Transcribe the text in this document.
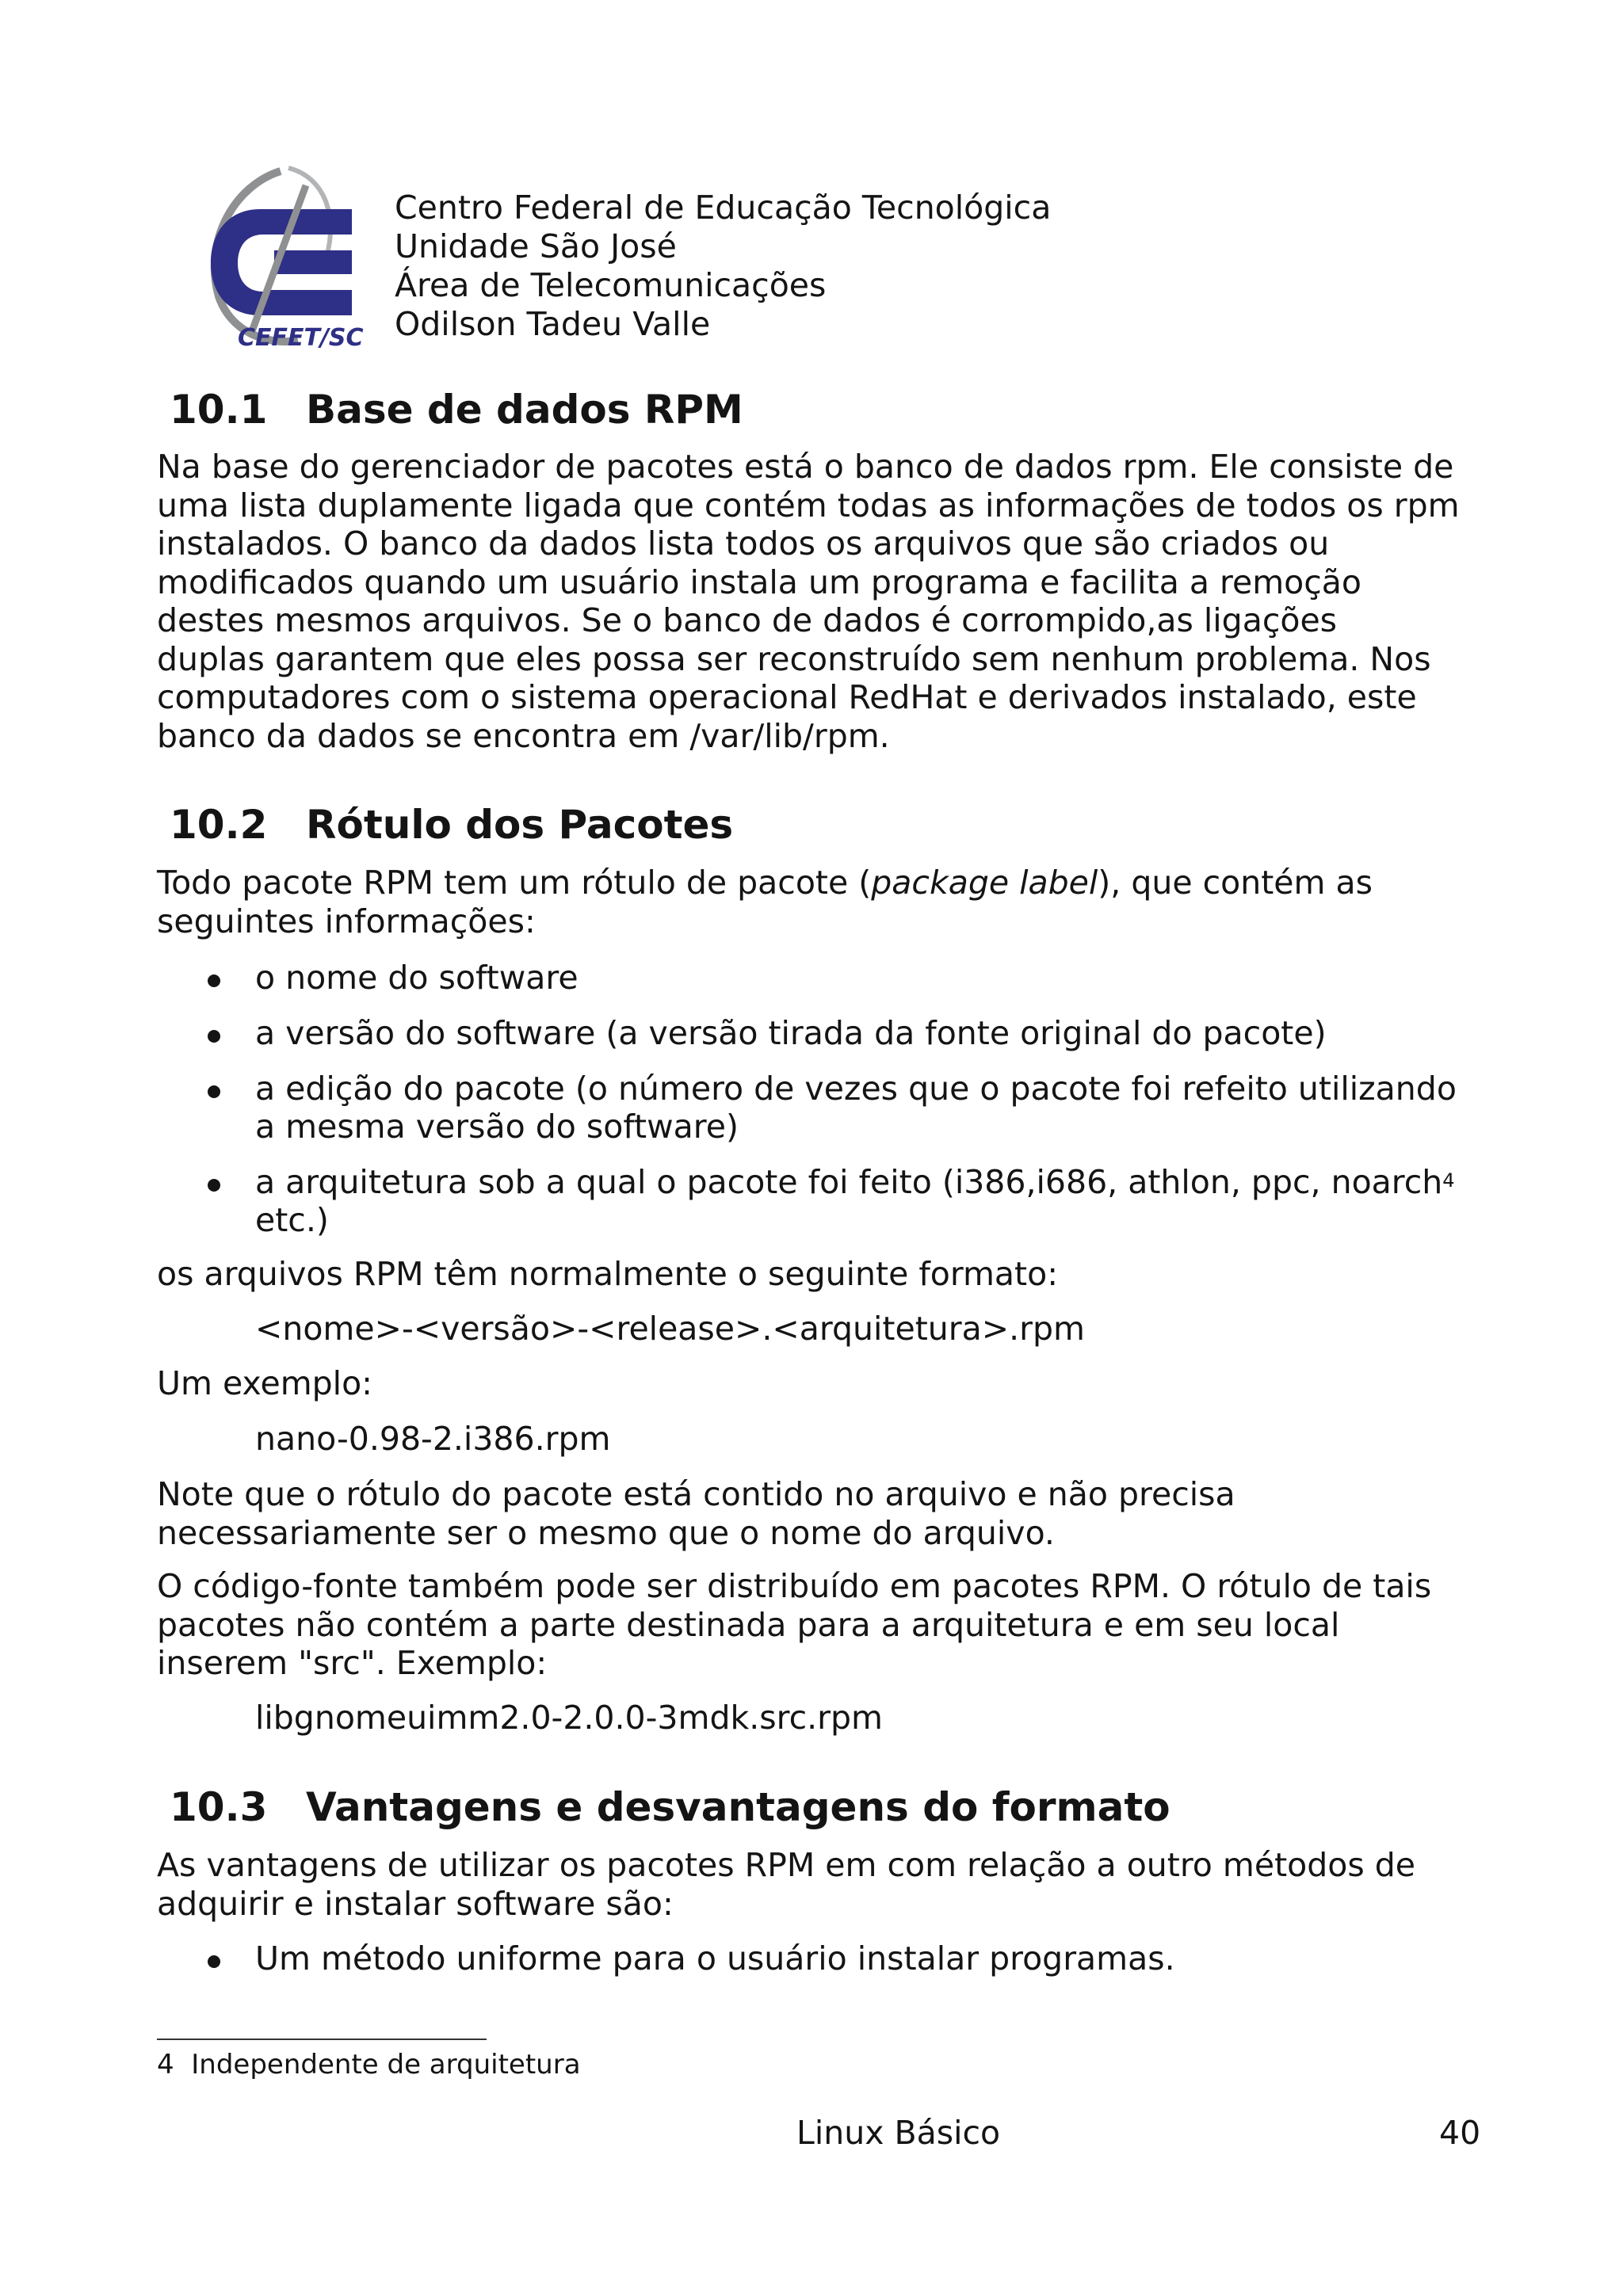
CEFET/SC
Centro Federal de Educação Tecnológica
Unidade São José
Área de Telecomunicações
Odilson Tadeu Valle
10.1 Base de dados RPM
Na base do gerenciador de pacotes está o banco de dados rpm. Ele consiste de
uma lista duplamente ligada que contém todas as informações de todos os rpm
instalados. O banco da dados lista todos os arquivos que são criados ou
modificados quando um usuário instala um programa e facilita a remoção
destes mesmos arquivos. Se o banco de dados é corrompido,as ligações
duplas garantem que eles possa ser reconstruído sem nenhum problema. Nos
computadores com o sistema operacional RedHat e derivados instalado, este
banco da dados se encontra em /var/lib/rpm.
10.2 Rótulo dos Pacotes
Todo pacote RPM tem um rótulo de pacote (package label), que contém as
seguintes informações:
o nome do software
a versão do software (a versão tirada da fonte original do pacote)
a edição do pacote (o número de vezes que o pacote foi refeito utilizando
a mesma versão do software)
a arquitetura sob a qual o pacote foi feito (i386,i686, athlon, ppc, noarch$^4$
etc.)
os arquivos RPM têm normalmente o seguinte formato:
<nome>-<versão>-<release>.<arquitetura>.rpm
Um exemplo:
nano-0.98-2.i386.rpm
Note que o rótulo do pacote está contido no arquivo e não precisa
necessariamente ser o mesmo que o nome do arquivo.
O código-fonte também pode ser distribuído em pacotes RPM. O rótulo de tais
pacotes não contém a parte destinada para a arquitetura e em seu local
inserem "src". Exemplo:
libgnomeuimm2.0-2.0.0-3mdk.src.rpm
10.3 Vantagens e desvantagens do formato
As vantagens de utilizar os pacotes RPM em com relação a outro métodos de
adquirir e instalar software são:
Um método uniforme para o usuário instalar programas.
4 Independente de arquitetura
Linux Básico	40
